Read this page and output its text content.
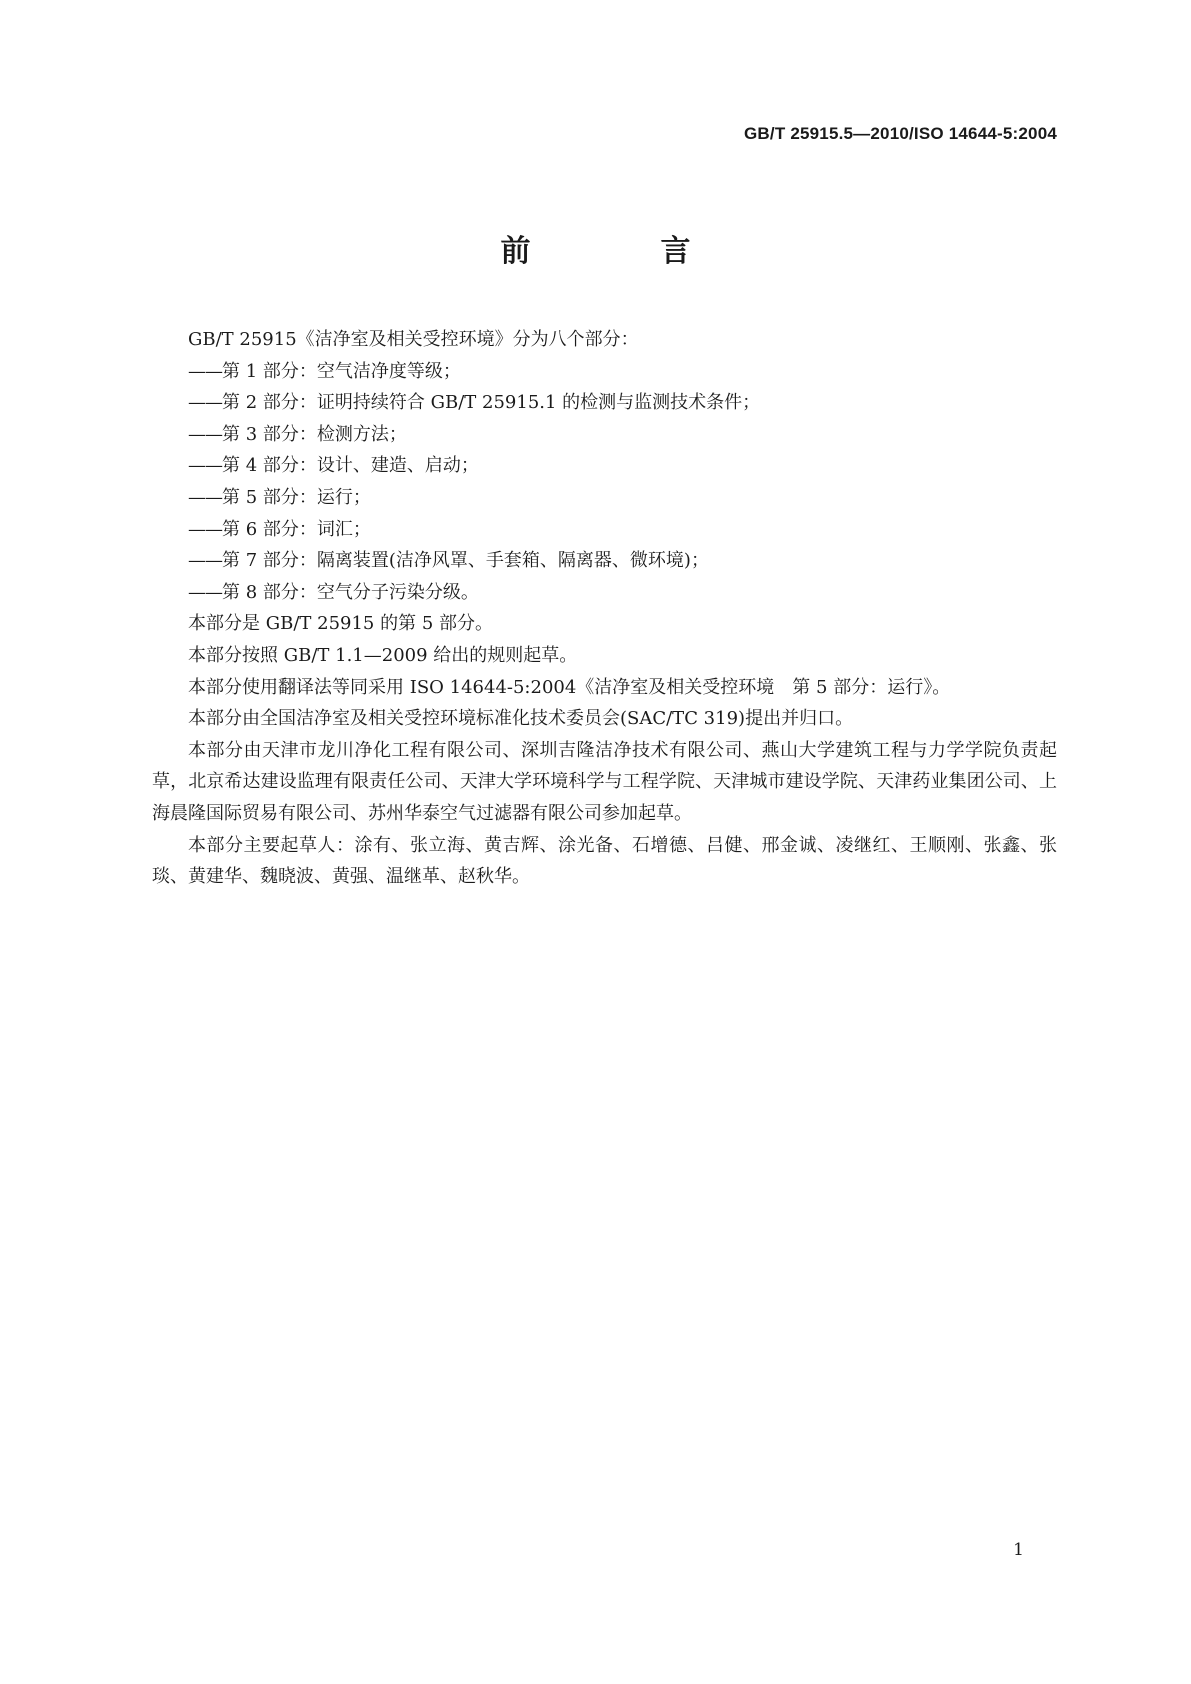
GB/T 25915.5—2010/ISO 14644-5:2004
前　言

GB/T 25915《洁净室及相关受控环境》分为八个部分：

——第 1 部分：空气洁净度等级；
——第 2 部分：证明持续符合 GB/T 25915.1 的检测与监测技术条件；
——第 3 部分：检测方法；
——第 4 部分：设计、建造、启动；
——第 5 部分：运行；
——第 6 部分：词汇；
——第 7 部分：隔离装置(洁净风罩、手套箱、隔离器、微环境)；
——第 8 部分：空气分子污染分级。

本部分是 GB/T 25915 的第 5 部分。

本部分按照 GB/T 1.1—2009 给出的规则起草。

本部分使用翻译法等同采用 ISO 14644-5:2004《洁净室及相关受控环境　第 5 部分：运行》。

本部分由全国洁净室及相关受控环境标准化技术委员会(SAC/TC 319)提出并归口。

本部分由天津市龙川净化工程有限公司、深圳吉隆洁净技术有限公司、燕山大学建筑工程与力学学院负责起草，北京希达建设监理有限责任公司、天津大学环境科学与工程学院、天津城市建设学院、天津药业集团公司、上海晨隆国际贸易有限公司、苏州华泰空气过滤器有限公司参加起草。

本部分主要起草人：涂有、张立海、黄吉辉、涂光备、石增德、吕健、邢金诚、凌继红、王顺刚、张鑫、张琰、黄建华、魏晓波、黄强、温继革、赵秋华。

1
